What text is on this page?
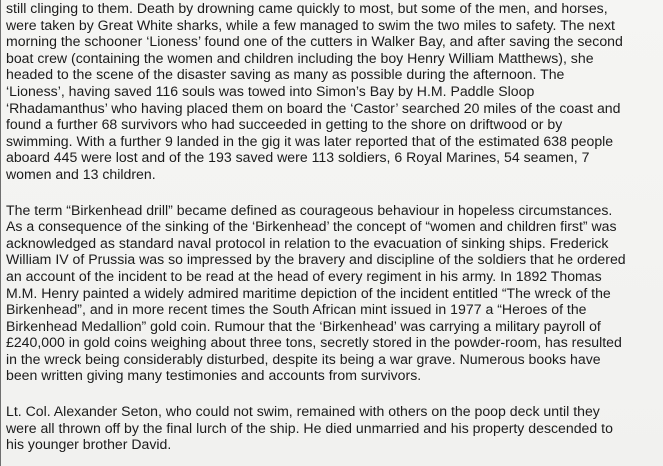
still clinging to them. Death by drowning came quickly to most, but some of the men, and horses,
were taken by Great White sharks, while a few managed to swim the two miles to safety. The next
morning the schooner ‘Lioness’ found one of the cutters in Walker Bay, and after saving the second
boat crew (containing the women and children including the boy Henry William Matthews), she
headed to the scene of the disaster saving as many as possible during the afternoon. The
‘Lioness’, having saved 116 souls was towed into Simon’s Bay by H.M. Paddle Sloop
‘Rhadamanthus’ who having placed them on board the ‘Castor’ searched 20 miles of the coast and
found a further 68 survivors who had succeeded in getting to the shore on driftwood or by
swimming. With a further 9 landed in the gig it was later reported that of the estimated 638 people
aboard 445 were lost and of the 193 saved were 113 soldiers, 6 Royal Marines, 54 seamen, 7
women and 13 children.

The term “Birkenhead drill” became defined as courageous behaviour in hopeless circumstances.
As a consequence of the sinking of the ‘Birkenhead’ the concept of “women and children first” was
acknowledged as standard naval protocol in relation to the evacuation of sinking ships. Frederick
William IV of Prussia was so impressed by the bravery and discipline of the soldiers that he ordered
an account of the incident to be read at the head of every regiment in his army. In 1892 Thomas
M.M. Henry painted a widely admired maritime depiction of the incident entitled “The wreck of the
Birkenhead”, and in more recent times the South African mint issued in 1977 a “Heroes of the
Birkenhead Medallion” gold coin. Rumour that the ‘Birkenhead’ was carrying a military payroll of
£240,000 in gold coins weighing about three tons, secretly stored in the powder-room, has resulted
in the wreck being considerably disturbed, despite its being a war grave. Numerous books have
been written giving many testimonies and accounts from survivors.

Lt. Col. Alexander Seton, who could not swim, remained with others on the poop deck until they
were all thrown off by the final lurch of the ship. He died unmarried and his property descended to
his younger brother David.
